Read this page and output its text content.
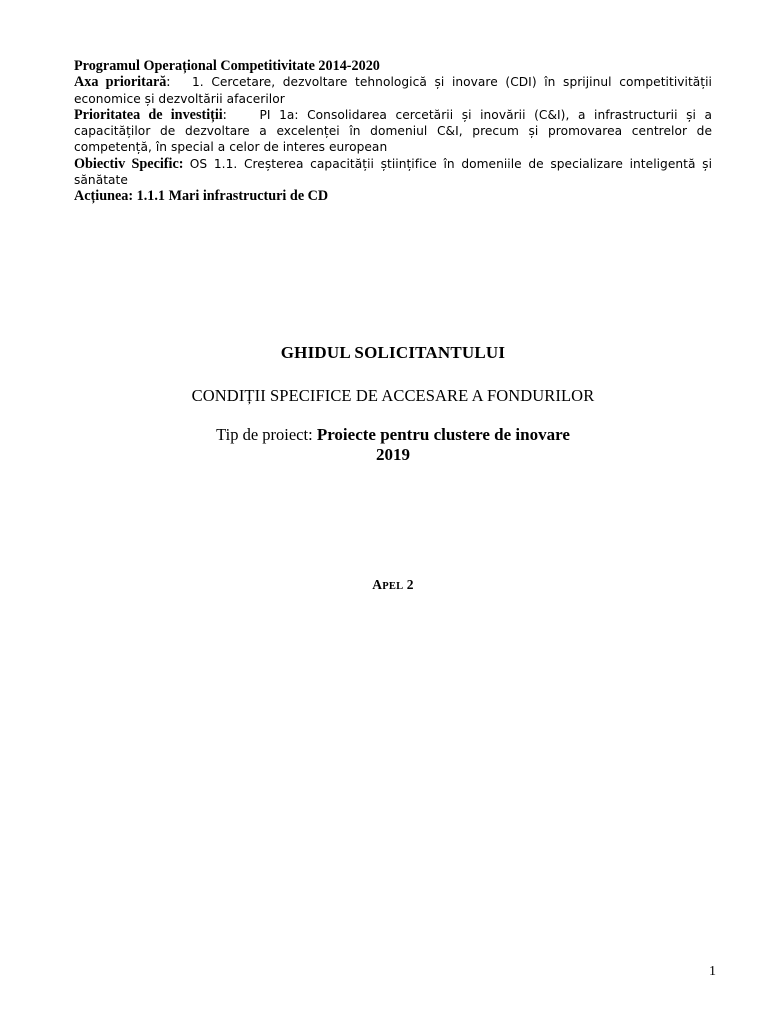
Programul Operațional Competitivitate 2014-2020

Axa prioritară:   1. Cercetare, dezvoltare tehnologică și inovare (CDI) în sprijinul competitivității economice și dezvoltării afacerilor

Prioritatea de investiții:    PI 1a: Consolidarea cercetării și inovării (C&I), a infrastructurii și a capacităților de dezvoltare a excelenței în domeniul C&I, precum și promovarea centrelor de competență, în special a celor de interes european

Obiectiv Specific: OS 1.1. Creșterea capacității științifice în domeniile de specializare inteligentă și sănătate

Acțiunea: 1.1.1 Mari infrastructuri de CD

GHIDUL SOLICITANTULUI
CONDIȚII SPECIFICE DE ACCESARE A FONDURILOR
Tip de proiect: Proiecte pentru clustere de inovare
2019
APEL 2
1
